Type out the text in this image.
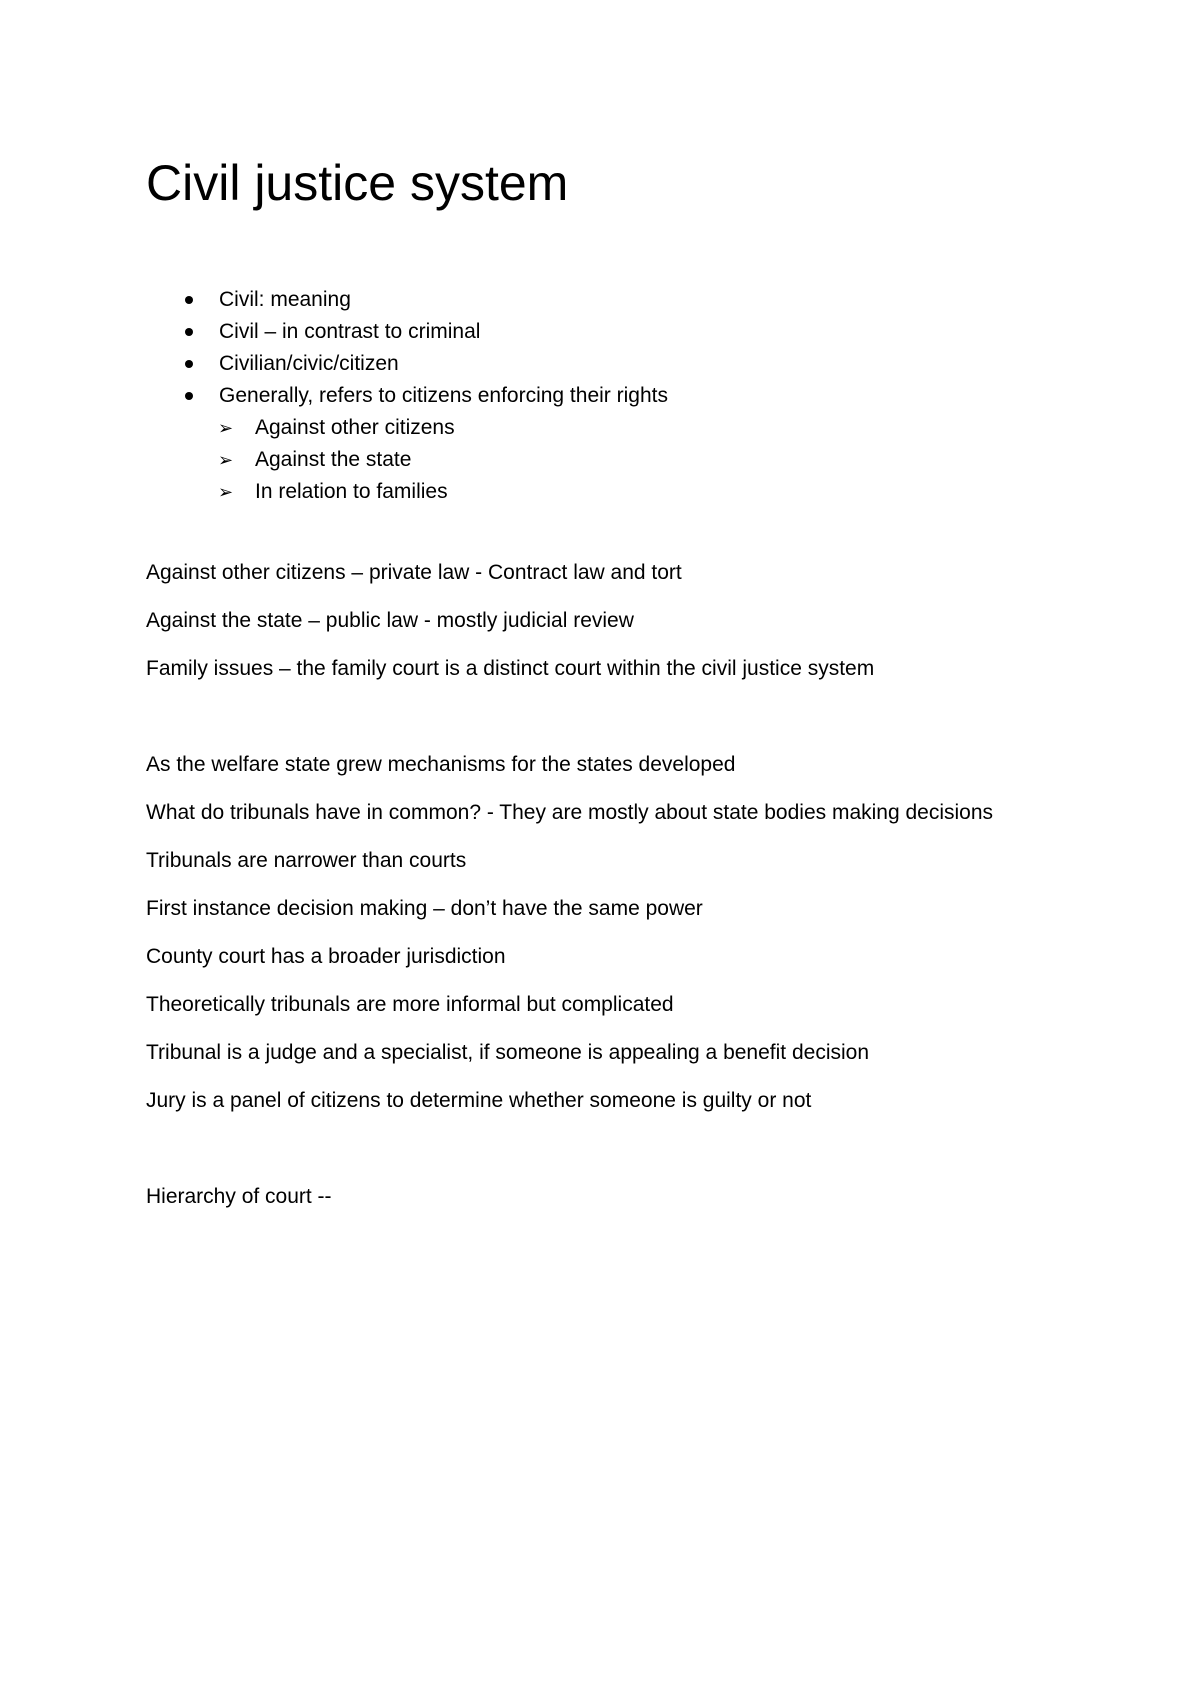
Civil justice system
Civil: meaning
Civil – in contrast to criminal
Civilian/civic/citizen
Generally, refers to citizens enforcing their rights
➢ Against other citizens
➢ Against the state
➢ In relation to families

Against other citizens – private law - Contract law and tort

Against the state – public law - mostly judicial review

Family issues – the family court is a distinct court within the civil justice system

As the welfare state grew mechanisms for the states developed

What do tribunals have in common? - They are mostly about state bodies making decisions

Tribunals are narrower than courts

First instance decision making – don’t have the same power

County court has a broader jurisdiction

Theoretically tribunals are more informal but complicated

Tribunal is a judge and a specialist, if someone is appealing a benefit decision

Jury is a panel of citizens to determine whether someone is guilty or not

Hierarchy of court --
